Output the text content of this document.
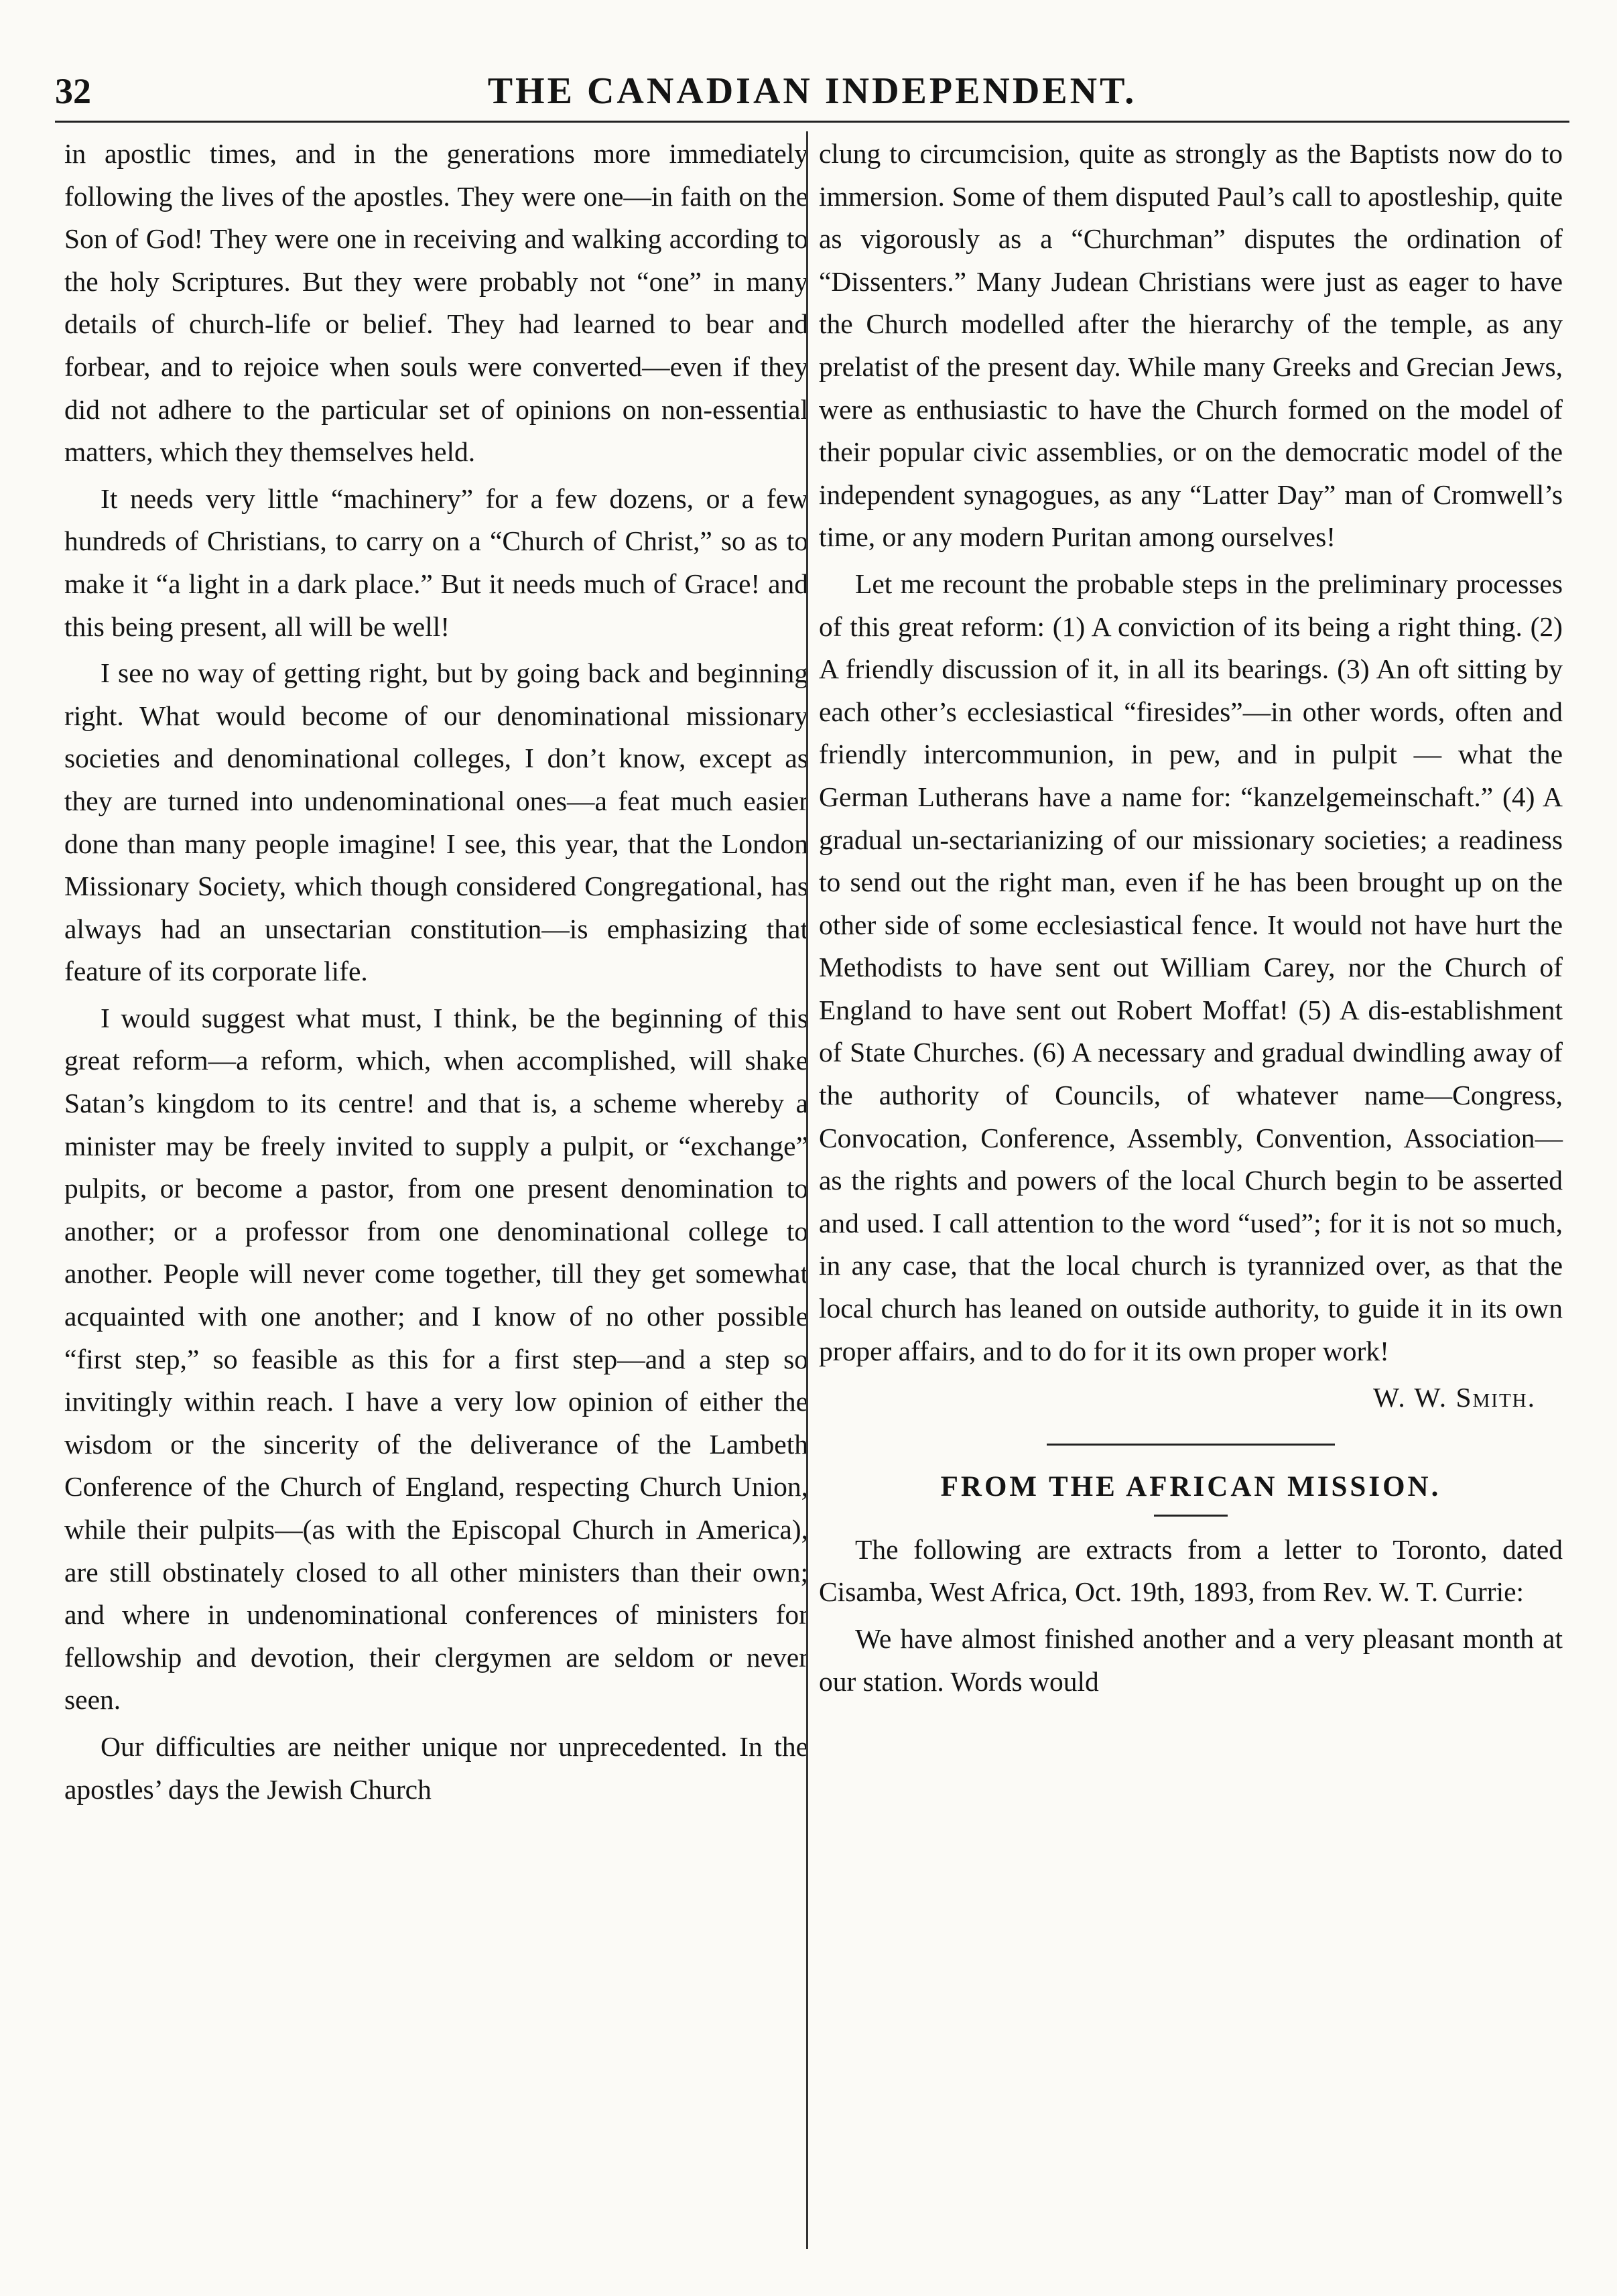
32	THE CANADIAN INDEPENDENT.

in apostlic times, and in the generations more immediately following the lives of the apostles. They were one—in faith on the Son of God! They were one in receiving and walking according to the holy Scriptures. But they were probably not “one” in many details of church-life or belief. They had learned to bear and forbear, and to rejoice when souls were converted—even if they did not adhere to the particular set of opinions on non-essential matters, which they themselves held.

It needs very little “machinery” for a few dozens, or a few hundreds of Christians, to carry on a “Church of Christ,” so as to make it “a light in a dark place.” But it needs much of Grace! and this being present, all will be well!

I see no way of getting right, but by going back and beginning right. What would become of our denominational missionary societies and denominational colleges, I don’t know, except as they are turned into undenominational ones—a feat much easier done than many people imagine! I see, this year, that the London Missionary Society, which though considered Congregational, has always had an unsectarian constitution—is emphasizing that feature of its corporate life.

I would suggest what must, I think, be the beginning of this great reform—a reform, which, when accomplished, will shake Satan’s kingdom to its centre! and that is, a scheme whereby a minister may be freely invited to supply a pulpit, or “exchange” pulpits, or become a pastor, from one present denomination to another; or a professor from one denominational college to another. People will never come together, till they get somewhat acquainted with one another; and I know of no other possible “first step,” so feasible as this for a first step—and a step so invitingly within reach. I have a very low opinion of either the wisdom or the sincerity of the deliverance of the Lambeth Conference of the Church of England, respecting Church Union, while their pulpits—(as with the Episcopal Church in America), are still obstinately closed to all other ministers than their own; and where in undenominational conferences of ministers for fellowship and devotion, their clergymen are seldom or never seen.

Our difficulties are neither unique nor unprecedented. In the apostles’ days the Jewish Church

clung to circumcision, quite as strongly as the Baptists now do to immersion. Some of them disputed Paul’s call to apostleship, quite as vigorously as a “Churchman” disputes the ordination of “Dissenters.” Many Judean Christians were just as eager to have the Church modelled after the hierarchy of the temple, as any prelatist of the present day. While many Greeks and Grecian Jews, were as enthusiastic to have the Church formed on the model of their popular civic assemblies, or on the democratic model of the independent synagogues, as any “Latter Day” man of Cromwell’s time, or any modern Puritan among ourselves!

Let me recount the probable steps in the preliminary processes of this great reform: (1) A conviction of its being a right thing. (2) A friendly discussion of it, in all its bearings. (3) An oft sitting by each other’s ecclesiastical “firesides”—in other words, often and friendly intercommunion, in pew, and in pulpit — what the German Lutherans have a name for: “kanzelgemeinschaft.” (4) A gradual un-sectarianizing of our missionary societies; a readiness to send out the right man, even if he has been brought up on the other side of some ecclesiastical fence. It would not have hurt the Methodists to have sent out William Carey, nor the Church of England to have sent out Robert Moffat! (5) A dis-establishment of State Churches. (6) A necessary and gradual dwindling away of the authority of Councils, of whatever name—Congress, Convocation, Conference, Assembly, Convention, Association—as the rights and powers of the local Church begin to be asserted and used. I call attention to the word “used”; for it is not so much, in any case, that the local church is tyrannized over, as that the local church has leaned on outside authority, to guide it in its own proper affairs, and to do for it its own proper work!

W. W. Smith.

FROM THE AFRICAN MISSION.

The following are extracts from a letter to Toronto, dated Cisamba, West Africa, Oct. 19th, 1893, from Rev. W. T. Currie:

We have almost finished another and a very pleasant month at our station. Words would
